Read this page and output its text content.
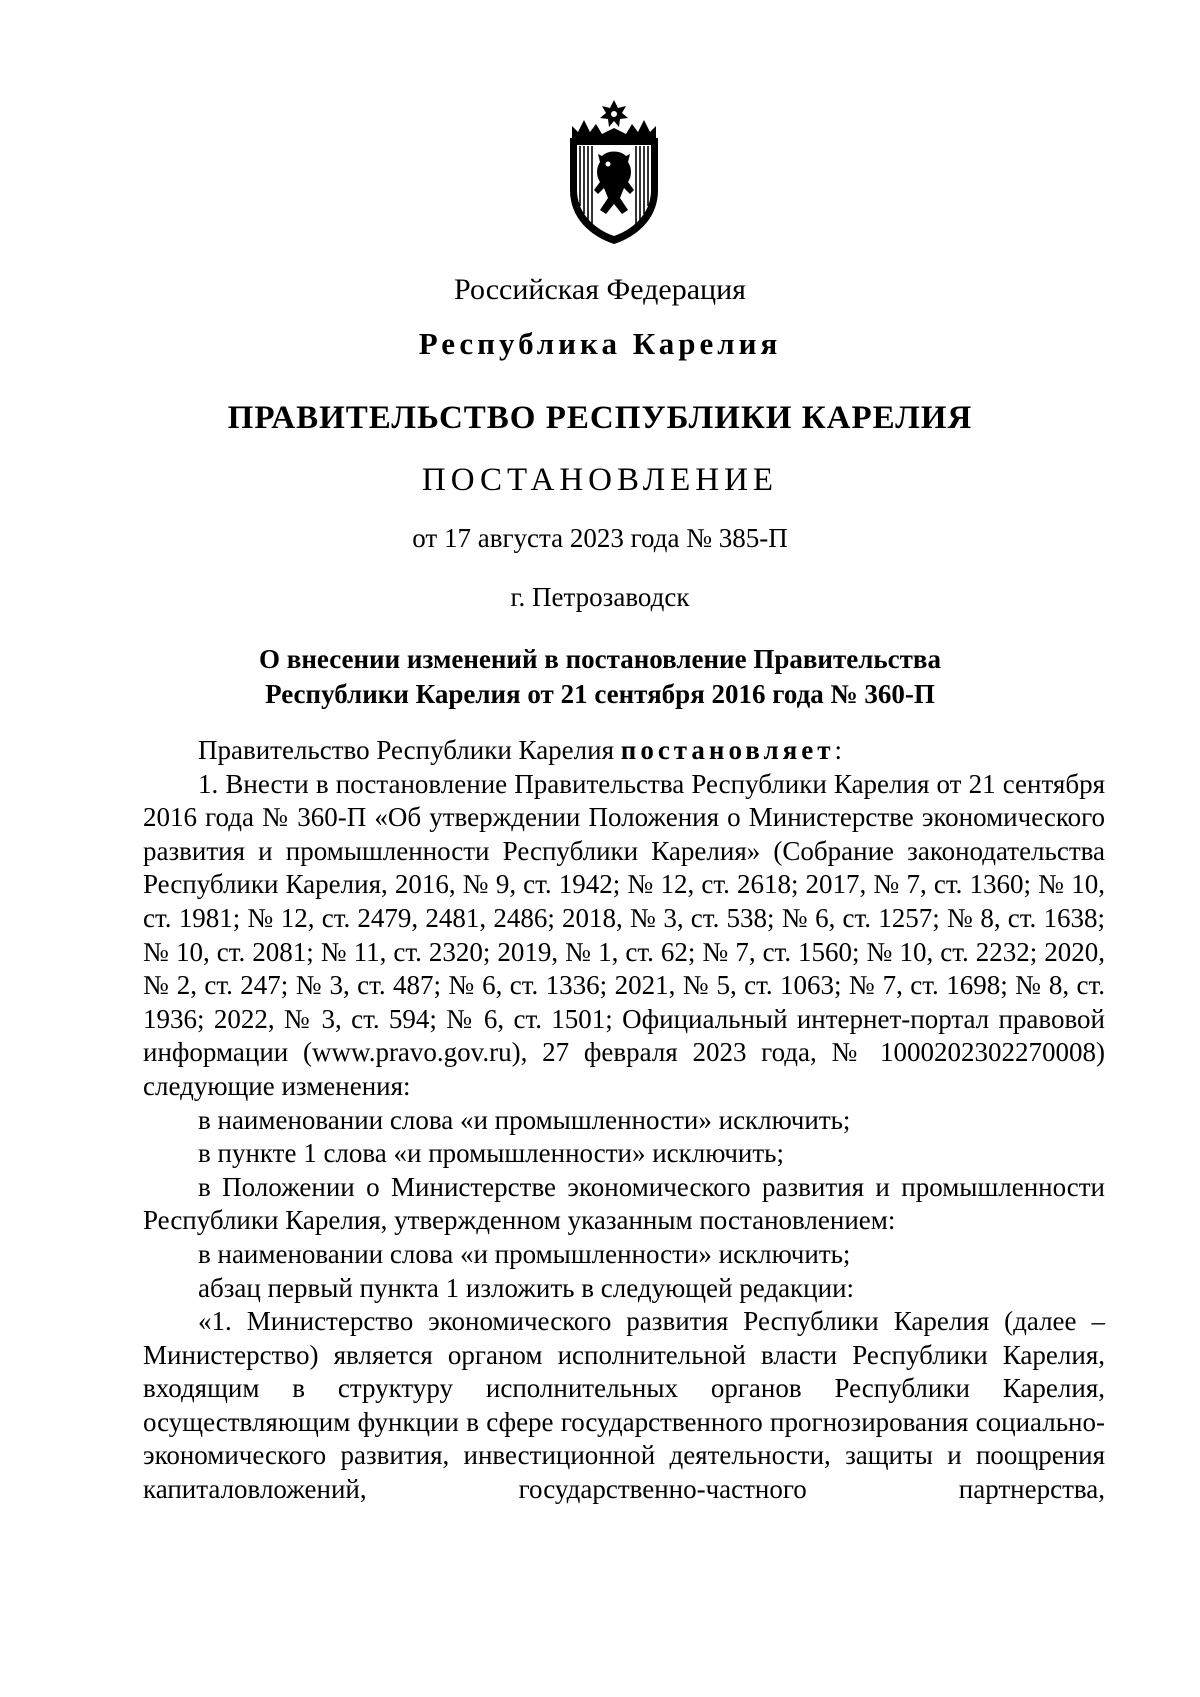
Российская Федерация
Республика Карелия
ПРАВИТЕЛЬСТВО РЕСПУБЛИКИ КАРЕЛИЯ
ПОСТАНОВЛЕНИЕ
от 17 августа 2023 года № 385-П
г. Петрозаводск
О внесении изменений в постановление Правительства
Республики Карелия от 21 сентября 2016 года № 360-П

Правительство Республики Карелия постановляет:

1. Внести в постановление Правительства Республики Карелия от 21 сентября 2016 года № 360-П «Об утверждении Положения о Министерстве экономического развития и промышленности Республики Карелия» (Собрание законодательства Республики Карелия, 2016, № 9, ст. 1942; № 12, ст. 2618; 2017, № 7, ст. 1360; № 10, ст. 1981; № 12, ст. 2479, 2481, 2486; 2018, № 3, ст. 538; № 6, ст. 1257; № 8, ст. 1638; № 10, ст. 2081; № 11, ст. 2320; 2019, № 1, ст. 62; № 7, ст. 1560; № 10, ст. 2232; 2020, № 2, ст. 247; № 3, ст. 487; № 6, ст. 1336; 2021, № 5, ст. 1063; № 7, ст. 1698; № 8, ст. 1936; 2022, № 3, ст. 594; № 6, ст. 1501; Официальный интернет-портал правовой информации (www.pravo.gov.ru), 27 февраля 2023 года, № 1000202302270008) следующие изменения:

в наименовании слова «и промышленности» исключить;

в пункте 1 слова «и промышленности» исключить;

в Положении о Министерстве экономического развития и промышленности Республики Карелия, утвержденном указанным постановлением:

в наименовании слова «и промышленности» исключить;

абзац первый пункта 1 изложить в следующей редакции:

«1. Министерство экономического развития Республики Карелия (далее – Министерство) является органом исполнительной власти Республики Карелия, входящим в структуру исполнительных органов Республики Карелия, осуществляющим функции в сфере государственного прогнозирования социально-экономического развития, инвестиционной деятельности, защиты и поощрения капиталовложений, государственно-частного партнерства,
